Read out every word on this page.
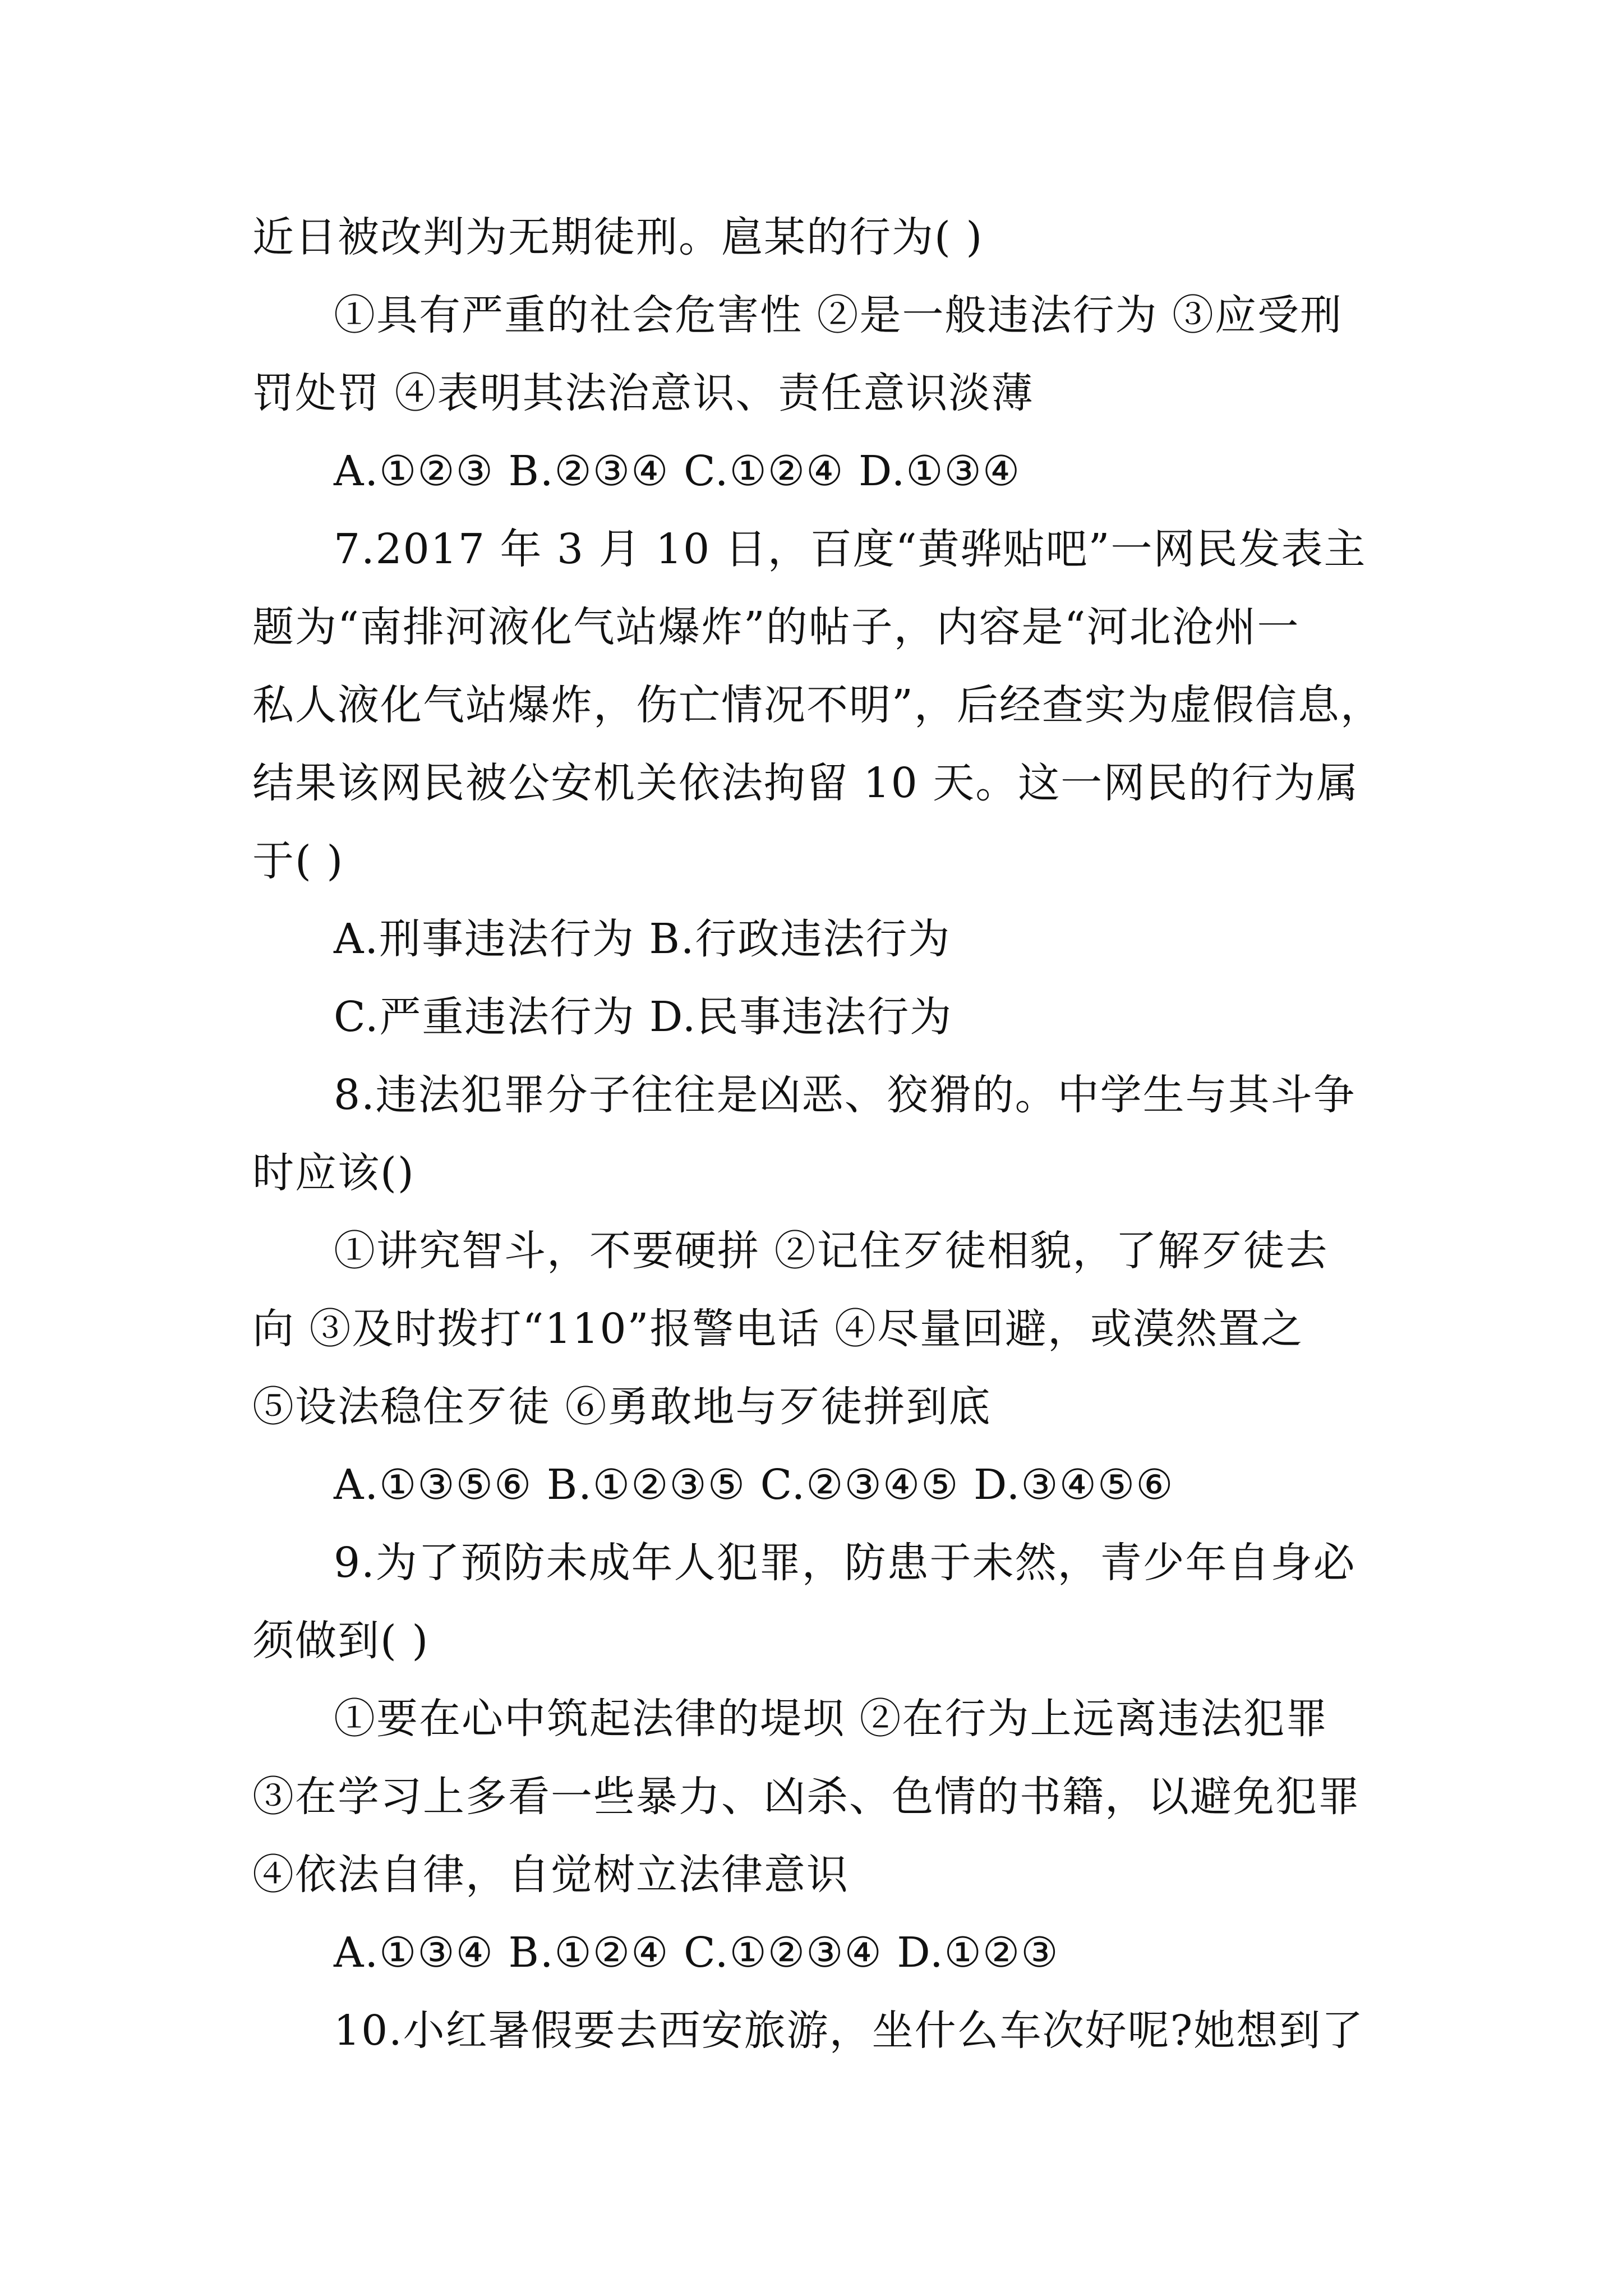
近日被改判为无期徒刑。扈某的行为( )
①具有严重的社会危害性 ②是一般违法行为 ③应受刑
罚处罚 ④表明其法治意识、责任意识淡薄
A.①②③ B.②③④ C.①②④ D.①③④
7.2017 年 3 月 10 日，百度“黄骅贴吧”一网民发表主
题为“南排河液化气站爆炸”的帖子，内容是“河北沧州一
私人液化气站爆炸，伤亡情况不明”，后经查实为虚假信息，
结果该网民被公安机关依法拘留 10 天。这一网民的行为属
于( )
A.刑事违法行为 B.行政违法行为
C.严重违法行为 D.民事违法行为
8.违法犯罪分子往往是凶恶、狡猾的。中学生与其斗争
时应该()
①讲究智斗，不要硬拼 ②记住歹徒相貌，了解歹徒去
向 ③及时拨打“110”报警电话 ④尽量回避，或漠然置之
⑤设法稳住歹徒 ⑥勇敢地与歹徒拼到底
A.①③⑤⑥ B.①②③⑤ C.②③④⑤ D.③④⑤⑥
9.为了预防未成年人犯罪，防患于未然，青少年自身必
须做到( )
①要在心中筑起法律的堤坝 ②在行为上远离违法犯罪
③在学习上多看一些暴力、凶杀、色情的书籍，以避免犯罪
④依法自律，自觉树立法律意识
A.①③④ B.①②④ C.①②③④ D.①②③
10.小红暑假要去西安旅游，坐什么车次好呢?她想到了
